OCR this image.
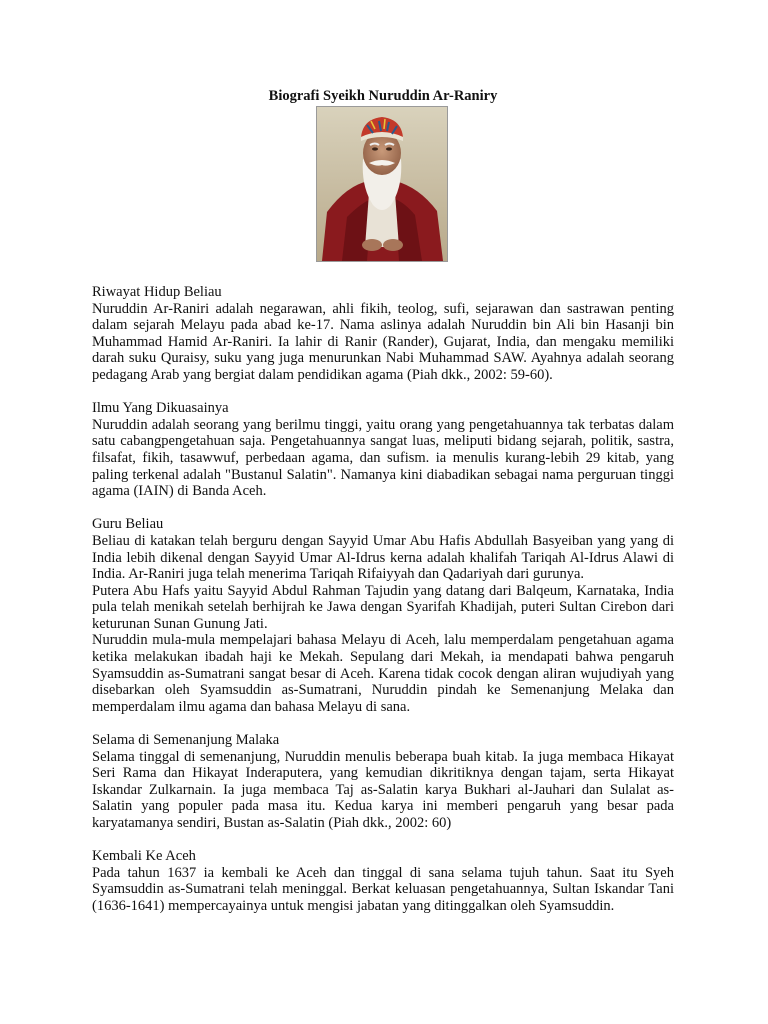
Biografi Syeikh Nuruddin Ar-Raniry

Riwayat Hidup Beliau

Nuruddin Ar-Raniri adalah negarawan, ahli fikih, teolog, sufi, sejarawan dan sastrawan penting dalam sejarah Melayu pada abad ke-17. Nama aslinya adalah Nuruddin bin Ali bin Hasanji bin Muhammad Hamid Ar-Raniri. Ia lahir di Ranir (Rander), Gujarat, India, dan mengaku memiliki darah suku Quraisy, suku yang juga menurunkan Nabi Muhammad SAW. Ayahnya adalah seorang pedagang Arab yang bergiat dalam pendidikan agama (Piah dkk., 2002: 59-60).

Ilmu Yang Dikuasainya

Nuruddin adalah seorang yang berilmu tinggi, yaitu orang yang pengetahuannya tak terbatas dalam satu cabangpengetahuan saja. Pengetahuannya sangat luas, meliputi bidang sejarah, politik, sastra, filsafat, fikih, tasawwuf, perbedaan agama, dan sufism. ia menulis kurang-lebih 29 kitab, yang paling terkenal adalah "Bustanul Salatin". Namanya kini diabadikan sebagai nama perguruan tinggi agama (IAIN) di Banda Aceh.

Guru Beliau

Beliau di katakan telah berguru dengan Sayyid Umar Abu Hafis Abdullah Basyeiban yang yang di India lebih dikenal dengan Sayyid Umar Al-Idrus kerna adalah khalifah Tariqah Al-Idrus Alawi di India. Ar-Raniri juga telah menerima Tariqah Rifaiyyah dan Qadariyah dari gurunya.

Putera Abu Hafs yaitu Sayyid Abdul Rahman Tajudin yang datang dari Balqeum, Karnataka, India pula telah menikah setelah berhijrah ke Jawa dengan Syarifah Khadijah, puteri Sultan Cirebon dari keturunan Sunan Gunung Jati.

Nuruddin mula-mula mempelajari bahasa Melayu di Aceh, lalu memperdalam pengetahuan agama ketika melakukan ibadah haji ke Mekah. Sepulang dari Mekah, ia mendapati bahwa pengaruh Syamsuddin as-Sumatrani sangat besar di Aceh. Karena tidak cocok dengan aliran wujudiyah yang disebarkan oleh Syamsuddin as-Sumatrani, Nuruddin pindah ke Semenanjung Melaka dan memperdalam ilmu agama dan bahasa Melayu di sana.

Selama di Semenanjung Malaka

Selama tinggal di semenanjung, Nuruddin menulis beberapa buah kitab. Ia juga membaca Hikayat Seri Rama dan Hikayat Inderaputera, yang kemudian dikritiknya dengan tajam, serta Hikayat Iskandar Zulkarnain. Ia juga membaca Taj as-Salatin karya Bukhari al-Jauhari dan Sulalat as-Salatin yang populer pada masa itu. Kedua karya ini memberi pengaruh yang besar pada karyatamanya sendiri, Bustan as-Salatin (Piah dkk., 2002: 60)

Kembali Ke Aceh

Pada tahun 1637 ia kembali ke Aceh dan tinggal di sana selama tujuh tahun. Saat itu Syeh Syamsuddin as-Sumatrani telah meninggal. Berkat keluasan pengetahuannya, Sultan Iskandar Tani (1636-1641) mempercayainya untuk mengisi jabatan yang ditinggalkan oleh Syamsuddin.
